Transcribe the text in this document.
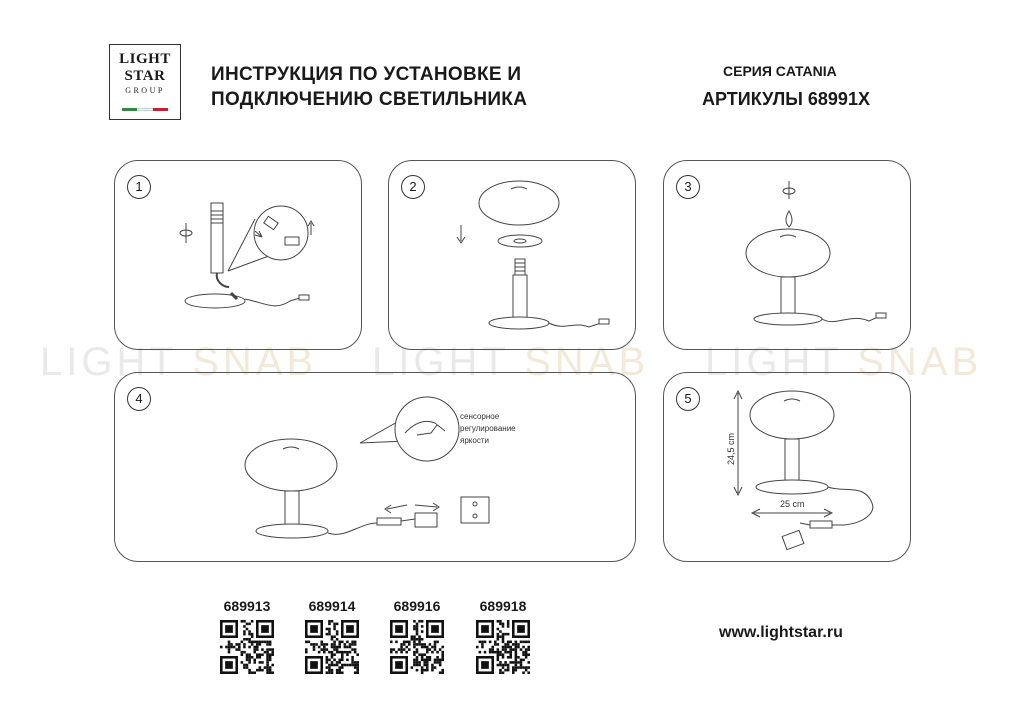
LIGHT
STAR
GROUP
ИНСТРУКЦИЯ ПО УСТАНОВКЕ И
ПОДКЛЮЧЕНИЮ СВЕТИЛЬНИКА
СЕРИЯ CATANIA
АРТИКУЛЫ 68991X
LIGHT SNAB LIGHT SNAB LIGHT SNAB
1	2	3
сенсорное
регулирование
яркости
4
24,5 cm
25 cm
5
689913	689914	689916	689918
www.lightstar.ru
